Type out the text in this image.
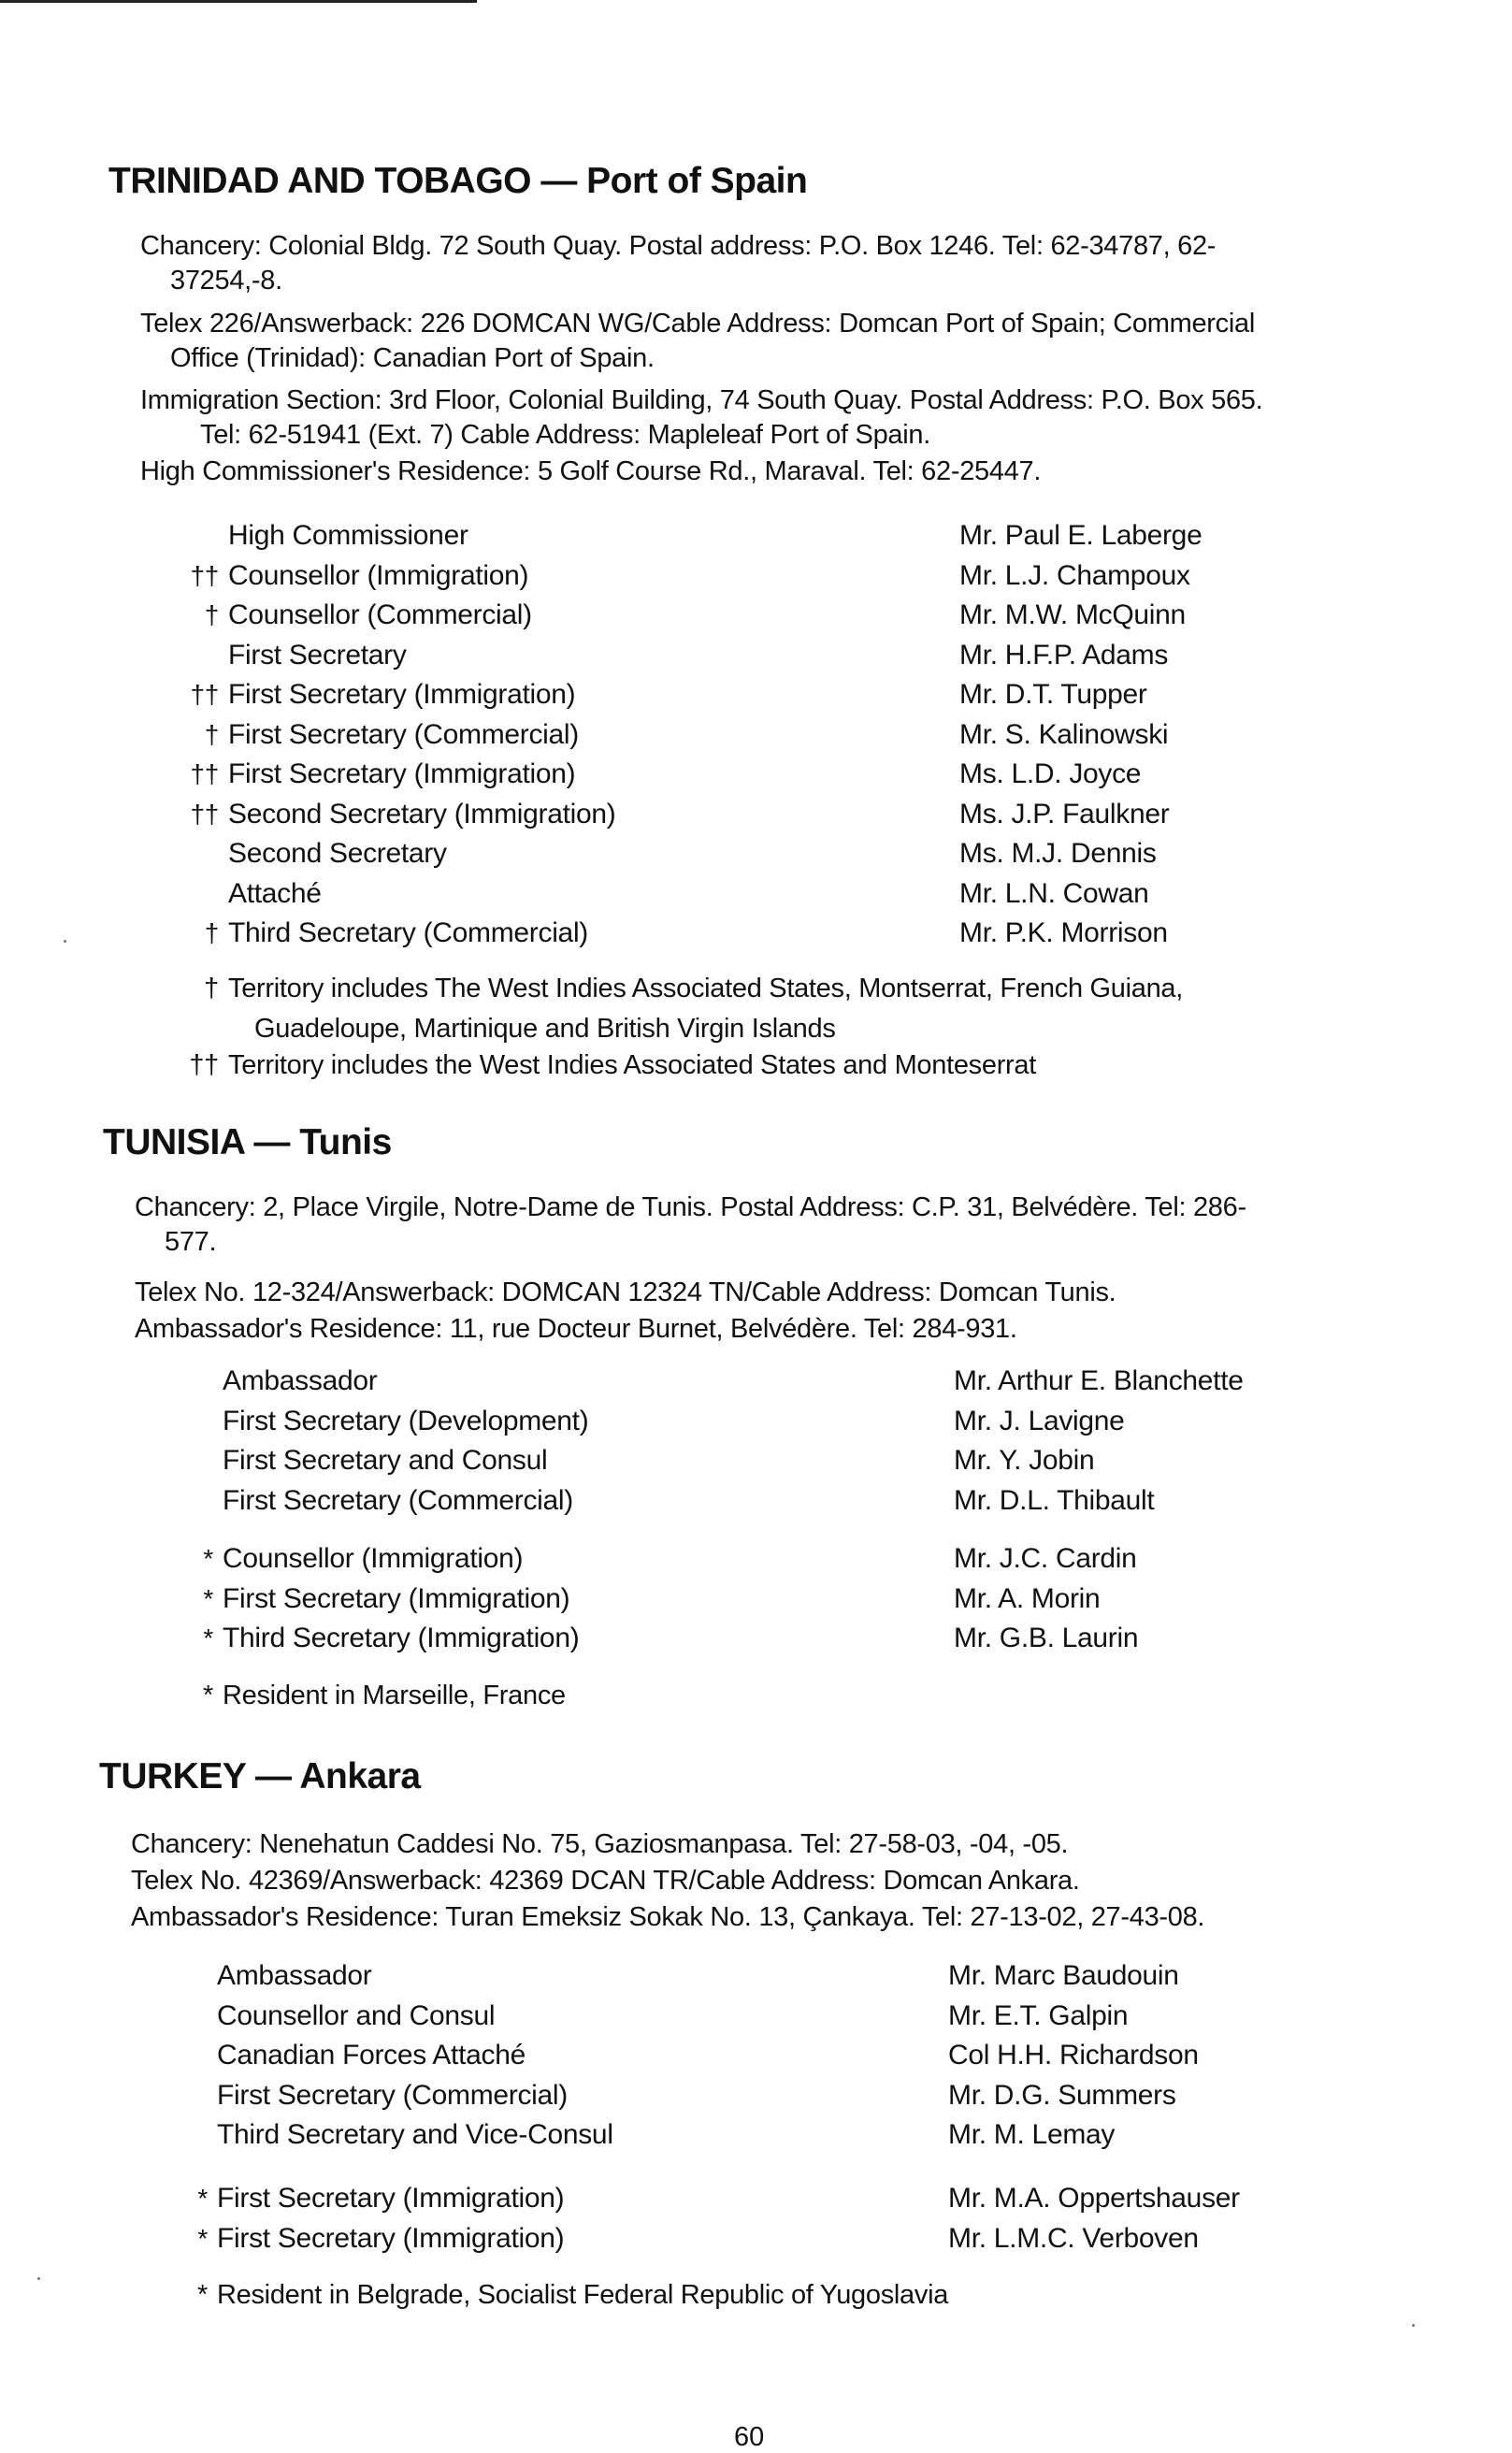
TRINIDAD AND TOBAGO — Port of Spain
Chancery: Colonial Bldg. 72 South Quay. Postal address: P.O. Box 1246. Tel: 62-34787, 62-
37254,-8.
Telex 226/Answerback: 226 DOMCAN WG/Cable Address: Domcan Port of Spain; Commercial
Office (Trinidad): Canadian Port of Spain.
Immigration Section: 3rd Floor, Colonial Building, 74 South Quay. Postal Address: P.O. Box 565.
Tel: 62-51941 (Ext. 7) Cable Address: Mapleleaf Port of Spain.
High Commissioner's Residence: 5 Golf Course Rd., Maraval. Tel: 62-25447.
High Commissioner	Mr. Paul E. Laberge
†† Counsellor (Immigration)	Mr. L.J. Champoux
† Counsellor (Commercial)	Mr. M.W. McQuinn
First Secretary	Mr. H.F.P. Adams
†† First Secretary (Immigration)	Mr. D.T. Tupper
† First Secretary (Commercial)	Mr. S. Kalinowski
†† First Secretary (Immigration)	Ms. L.D. Joyce
†† Second Secretary (Immigration)	Ms. J.P. Faulkner
Second Secretary	Ms. M.J. Dennis
Attaché	Mr. L.N. Cowan
† Third Secretary (Commercial)	Mr. P.K. Morrison
† Territory includes The West Indies Associated States, Montserrat, French Guiana,
Guadeloupe, Martinique and British Virgin Islands
†† Territory includes the West Indies Associated States and Monteserrat
TUNISIA — Tunis
Chancery: 2, Place Virgile, Notre-Dame de Tunis. Postal Address: C.P. 31, Belvédère. Tel: 286-
577.
Telex No. 12-324/Answerback: DOMCAN 12324 TN/Cable Address: Domcan Tunis.
Ambassador's Residence: 11, rue Docteur Burnet, Belvédère. Tel: 284-931.
Ambassador	Mr. Arthur E. Blanchette
First Secretary (Development)	Mr. J. Lavigne
First Secretary and Consul	Mr. Y. Jobin
First Secretary (Commercial)	Mr. D.L. Thibault
* Counsellor (Immigration)	Mr. J.C. Cardin
* First Secretary (Immigration)	Mr. A. Morin
* Third Secretary (Immigration)	Mr. G.B. Laurin
* Resident in Marseille, France
TURKEY — Ankara
Chancery: Nenehatun Caddesi No. 75, Gaziosmanpasa. Tel: 27-58-03, -04, -05.
Telex No. 42369/Answerback: 42369 DCAN TR/Cable Address: Domcan Ankara.
Ambassador's Residence: Turan Emeksiz Sokak No. 13, Çankaya. Tel: 27-13-02, 27-43-08.
Ambassador	Mr. Marc Baudouin
Counsellor and Consul	Mr. E.T. Galpin
Canadian Forces Attaché	Col H.H. Richardson
First Secretary (Commercial)	Mr. D.G. Summers
Third Secretary and Vice-Consul	Mr. M. Lemay
* First Secretary (Immigration)	Mr. M.A. Oppertshauser
* First Secretary (Immigration)	Mr. L.M.C. Verboven
* Resident in Belgrade, Socialist Federal Republic of Yugoslavia
60
